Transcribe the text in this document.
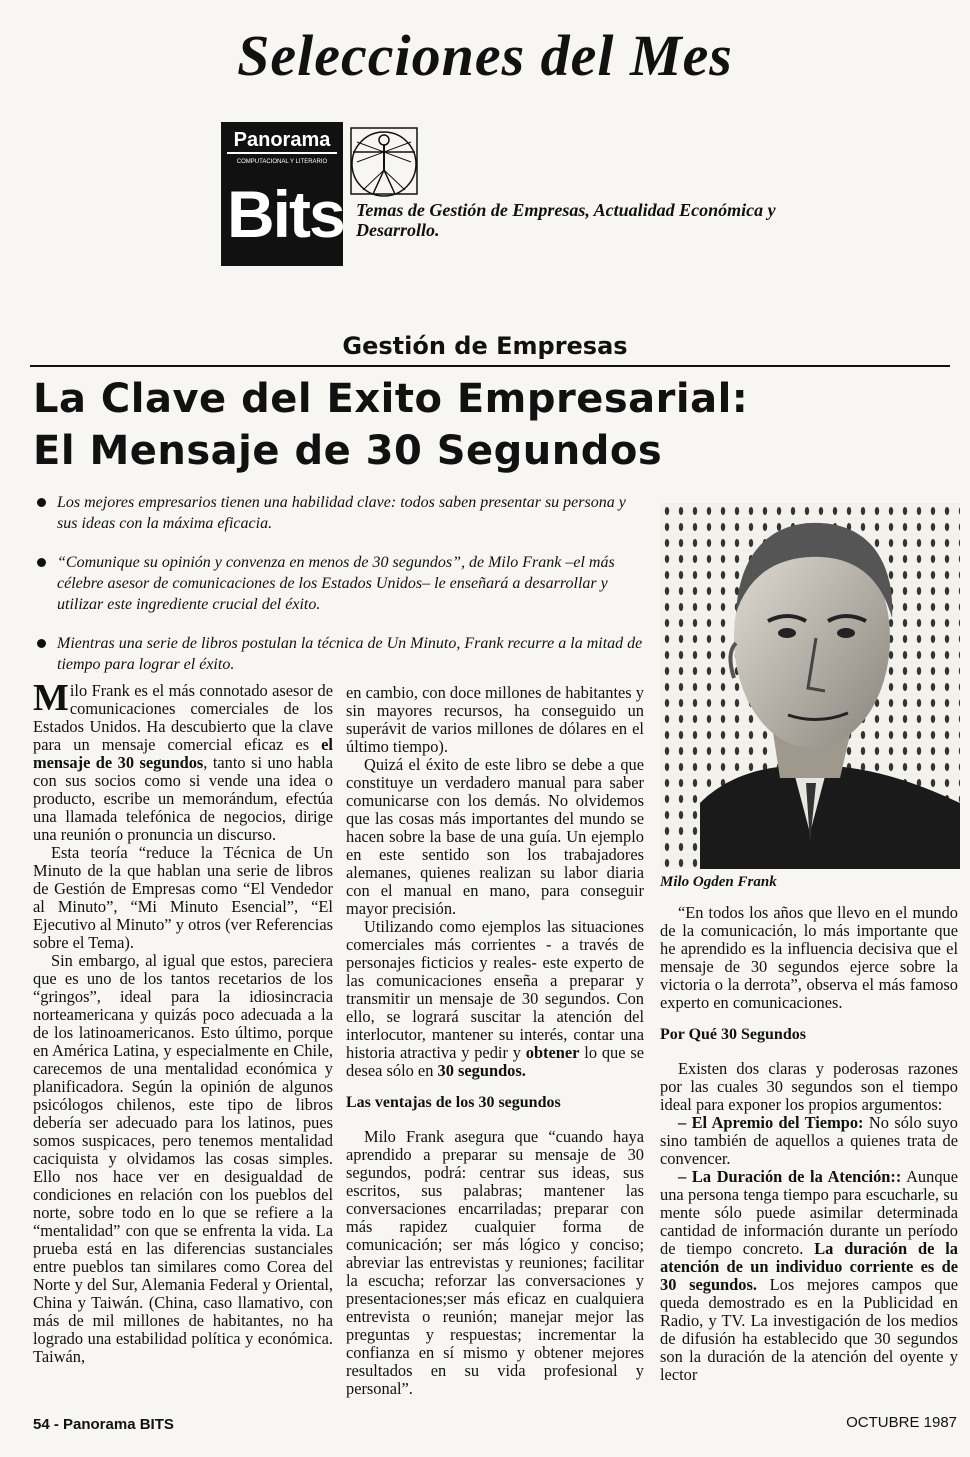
Selecciones del Mes
Panorama
COMPUTACIONAL Y LITERARIO
Bits Temas de Gestión de Empresas, Actualidad Económica y Desarrollo.
Gestión de Empresas
La Clave del Exito Empresarial:
El Mensaje de 30 Segundos
Los mejores empresarios tienen una habilidad clave: todos saben presentar su persona y sus ideas con la máxima eficacia.
“Comunique su opinión y convenza en menos de 30 segundos”, de Milo Frank –el más célebre asesor de comunicaciones de los Estados Unidos– le enseñará a desarrollar y utilizar este ingrediente crucial del éxito.
Mientras una serie de libros postulan la técnica de Un Minuto, Frank recurre a la mitad de tiempo para lograr el éxito.
Milo Ogden Frank

Milo Frank es el más connotado asesor de comunicaciones comerciales de los Estados Unidos. Ha descubierto que la clave para un mensaje comercial eficaz es el mensaje de 30 segundos, tanto si uno habla con sus socios como si vende una idea o producto, escribe un memorándum, efectúa una llamada telefónica de negocios, dirige una reunión o pronuncia un discurso.

Esta teoría “reduce la Técnica de Un Minuto de la que hablan una serie de libros de Gestión de Empresas como “El Vendedor al Minuto”, “Mi Minuto Esencial”, “El Ejecutivo al Minuto” y otros (ver Referencias sobre el Tema).

Sin embargo, al igual que estos, pareciera que es uno de los tantos recetarios de los “gringos”, ideal para la idiosincracia norteamericana y quizás poco adecuada a la de los latinoamericanos. Esto último, porque en América Latina, y especialmente en Chile, carecemos de una mentalidad económica y planificadora. Según la opinión de algunos psicólogos chilenos, este tipo de libros debería ser adecuado para los latinos, pues somos suspicaces, pero tenemos mentalidad caciquista y olvidamos las cosas simples. Ello nos hace ver en desigualdad de condiciones en relación con los pueblos del norte, sobre todo en lo que se refiere a la “mentalidad” con que se enfrenta la vida. La prueba está en las diferencias sustanciales entre pueblos tan similares como Corea del Norte y del Sur, Alemania Federal y Oriental, China y Taiwán. (China, caso llamativo, con más de mil millones de habitantes, no ha logrado una estabilidad política y económica. Taiwán,

en cambio, con doce millones de habitantes y sin mayores recursos, ha conseguido un superávit de varios millones de dólares en el último tiempo).

Quizá el éxito de este libro se debe a que constituye un verdadero manual para saber comunicarse con los demás. No olvidemos que las cosas más importantes del mundo se hacen sobre la base de una guía. Un ejemplo en este sentido son los trabajadores alemanes, quienes realizan su labor diaria con el manual en mano, para conseguir mayor precisión.

Utilizando como ejemplos las situaciones comerciales más corrientes - a través de personajes ficticios y reales- este experto de las comunicaciones enseña a preparar y transmitir un mensaje de 30 segundos. Con ello, se logrará suscitar la atención del interlocutor, mantener su interés, contar una historia atractiva y pedir y obtener lo que se desea sólo en 30 segundos.

Las ventajas de los 30 segundos

Milo Frank asegura que “cuando haya aprendido a preparar su mensaje de 30 segundos, podrá: centrar sus ideas, sus escritos, sus palabras; mantener las conversaciones encarriladas; preparar con más rapidez cualquier forma de comunicación; ser más lógico y conciso; abreviar las entrevistas y reuniones; facilitar la escucha; reforzar las conversaciones y presentaciones;ser más eficaz en cualquiera entrevista o reunión; manejar mejor las preguntas y respuestas; incrementar la confianza en sí mismo y obtener mejores resultados en su vida profesional y personal”.

“En todos los años que llevo en el mundo de la comunicación, lo más importante que he aprendido es la influencia decisiva que el mensaje de 30 segundos ejerce sobre la victoria o la derrota”, observa el más famoso experto en comunicaciones.

Por Qué 30 Segundos

Existen dos claras y poderosas razones por las cuales 30 segundos son el tiempo ideal para exponer los propios argumentos:

– El Apremio del Tiempo: No sólo suyo sino también de aquellos a quienes trata de convencer.

– La Duración de la Atención:: Aunque una persona tenga tiempo para escucharle, su mente sólo puede asimilar determinada cantidad de información durante un período de tiempo concreto. La duración de la atención de un individuo corriente es de 30 segundos. Los mejores campos que queda demostrado es en la Publicidad en Radio, y TV. La investigación de los medios de difusión ha establecido que 30 segundos son la duración de la atención del oyente y lector

54 - Panorama BITS	OCTUBRE 1987
